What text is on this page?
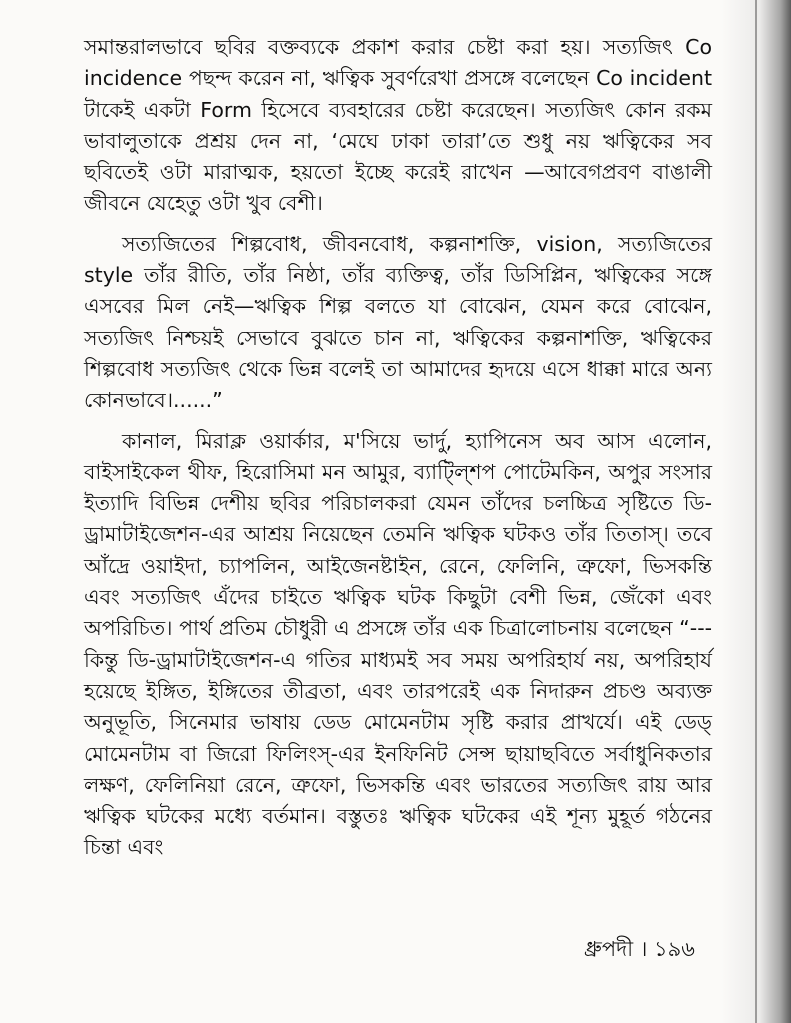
সমান্তরালভাবে ছবির বক্তব্যকে প্রকাশ করার চেষ্টা করা হয়। সত্যজিৎ Co incidence পছন্দ করেন না, ঋত্বিক সুবর্ণরেখা প্রসঙ্গে বলেছেন Co incident টাকেই একটা Form হিসেবে ব্যবহারের চেষ্টা করেছেন। সত্যজিৎ কোন রকম ভাবালুতাকে প্রশ্রয় দেন না, ‘মেঘে ঢাকা তারা’তে শুধু নয় ঋত্বিকের সব ছবিতেই ওটা মারাত্মক, হয়তো ইচ্ছে করেই রাখেন —আবেগপ্রবণ বাঙালী জীবনে যেহেতু ওটা খুব বেশী।

সত্যজিতের শিল্পবোধ, জীবনবোধ, কল্পনাশক্তি, vision, সত্যজিতের style তাঁর রীতি, তাঁর নিষ্ঠা, তাঁর ব্যক্তিত্ব, তাঁর ডিসিপ্লিন, ঋত্বিকের সঙ্গে এসবের মিল নেই—ঋত্বিক শিল্প বলতে যা বোঝেন, যেমন করে বোঝেন, সত্যজিৎ নিশ্চয়ই সেভাবে বুঝতে চান না, ঋত্বিকের কল্পনাশক্তি, ঋত্বিকের শিল্পবোধ সত্যজিৎ থেকে ভিন্ন বলেই তা আমাদের হৃদয়ে এসে ধাক্কা মারে অন্য কোনভাবে।......”

কানাল, মিরাক্ল ওয়ার্কার, ম'সিয়ে ভার্দু, হ্যাপিনেস অব আস এলোন, বাইসাইকেল থীফ, হিরোসিমা মন আমুর, ব্যাট্ল্শিপ পোটেমকিন, অপুর সংসার ইত্যাদি বিভিন্ন দেশীয় ছবির পরিচালকরা যেমন তাঁদের চলচ্চিত্র সৃষ্টিতে ডি-ড্রামাটাইজেশন-এর আশ্রয় নিয়েছেন তেমনি ঋত্বিক ঘটকও তাঁর তিতাস্। তবে আঁদ্রে ওয়াইদা, চ্যাপলিন, আইজেনষ্টাইন, রেনে, ফেলিনি, ত্রুফো, ভিসকন্তি এবং সত্যজিৎ এঁদের চাইতে ঋত্বিক ঘটক কিছুটা বেশী ভিন্ন, জেঁকো এবং অপরিচিত। পার্থ প্রতিম চৌধুরী এ প্রসঙ্গে তাঁর এক চিত্রালোচনায় বলেছেন “--- কিন্তু ডি-ড্রামাটাইজেশন-এ গতির মাধ্যমই সব সময় অপরিহার্য নয়, অপরিহার্য হয়েছে ইঙ্গিত, ইঙ্গিতের তীব্রতা, এবং তারপরেই এক নিদারুন প্রচণ্ড অব্যক্ত অনুভূতি, সিনেমার ভাষায় ডেড মোমেনটাম সৃষ্টি করার প্রাখর্যে। এই ডেড্ মোমেনটাম বা জিরো ফিলিংস্-এর ইনফিনিট সেন্স ছায়াছবিতে সর্বাধুনিকতার লক্ষণ, ফেলিনিয়া রেনে, ত্রুফো, ভিসকন্তি এবং ভারতের সত্যজিৎ রায় আর ঋত্বিক ঘটকের মধ্যে বর্তমান। বস্তুতঃ ঋত্বিক ঘটকের এই শূন্য মুহূর্ত গঠনের চিন্তা এবং

ধ্রুপদী । ১৯৬
